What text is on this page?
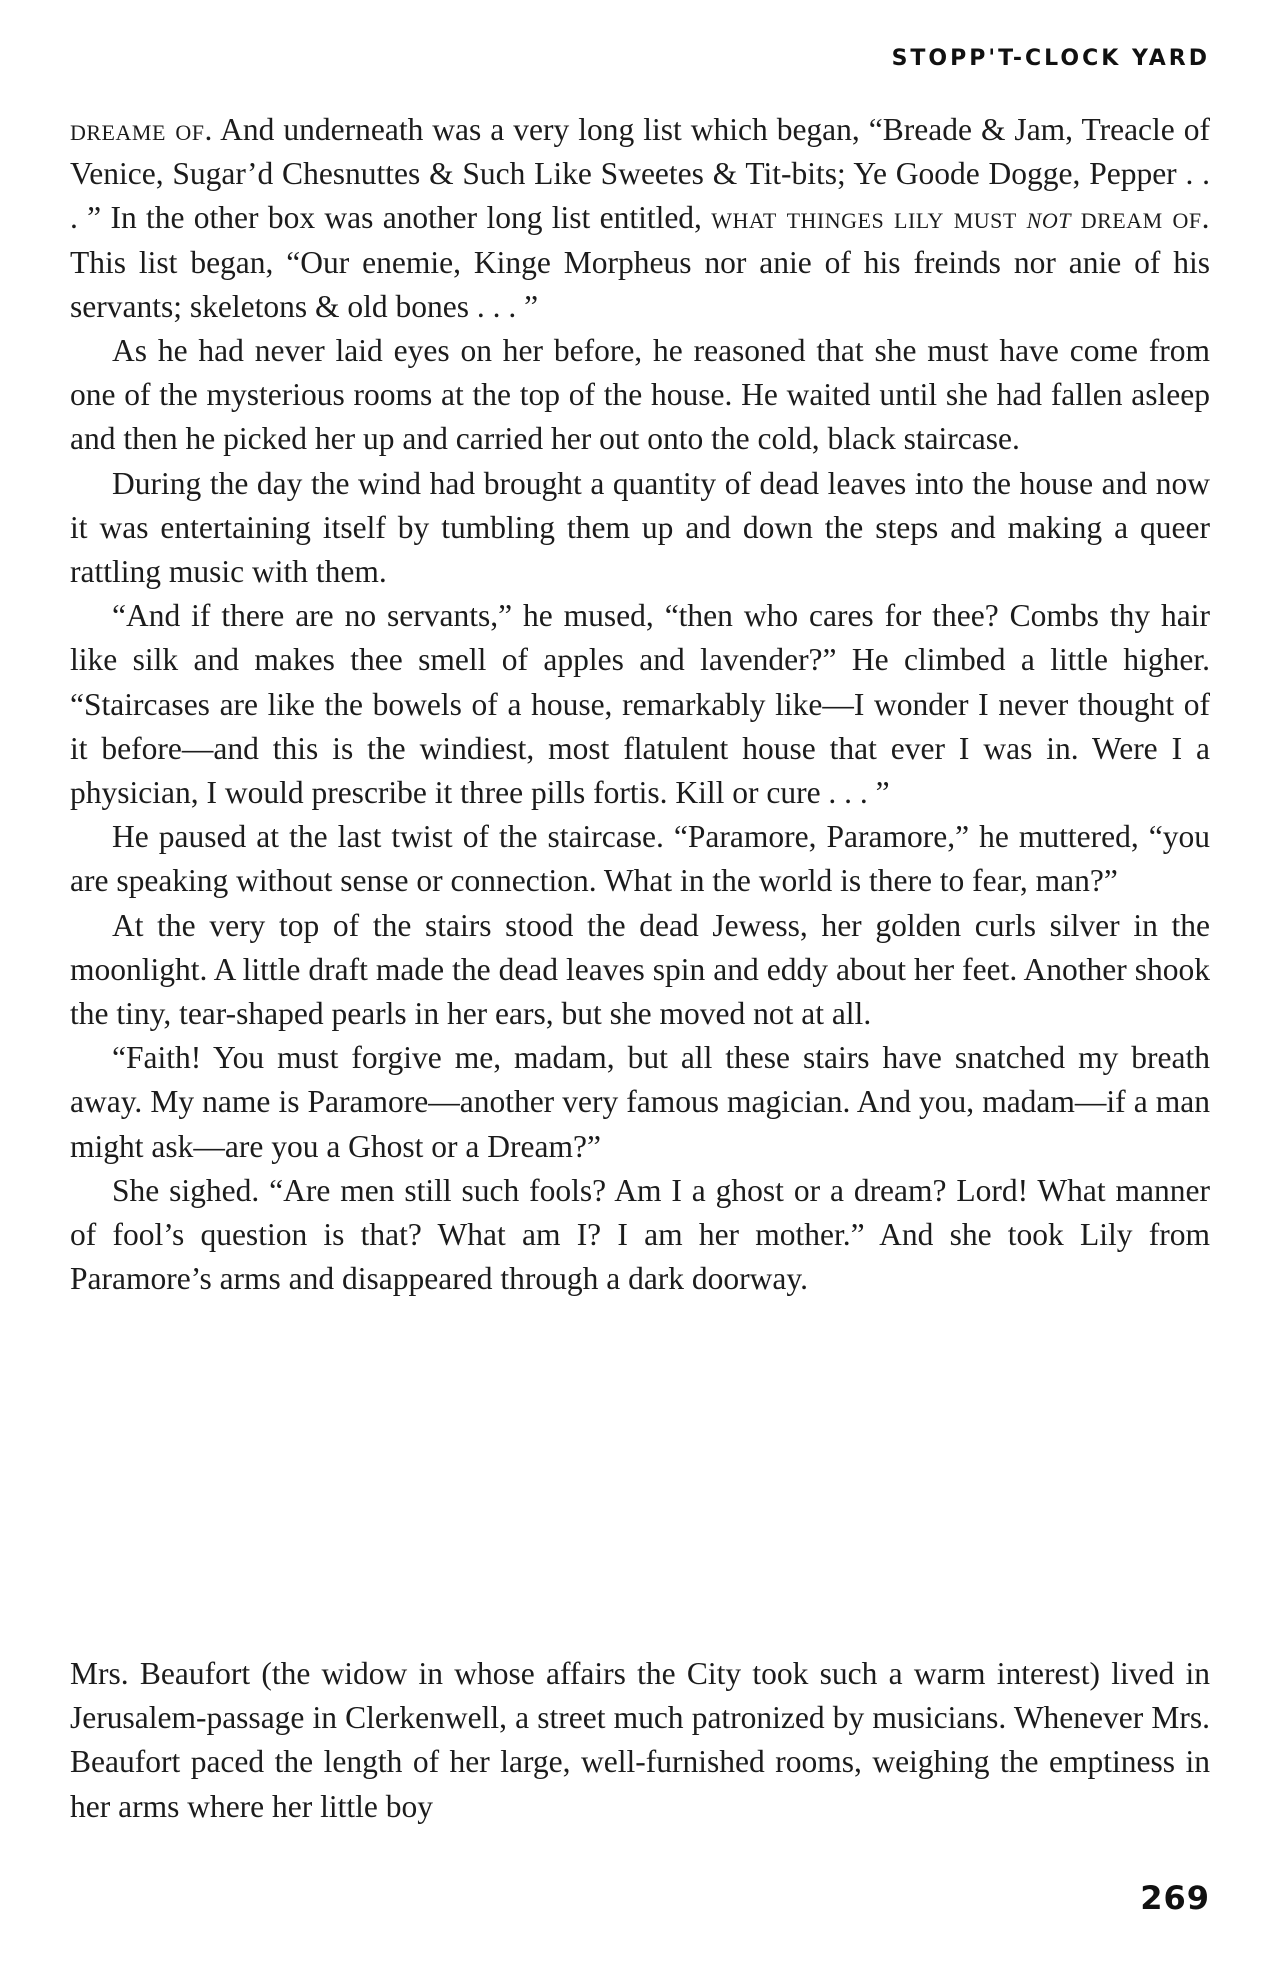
STOPP'T-CLOCK YARD

dreame of. And underneath was a very long list which began, “Breade & Jam, Treacle of Venice, Sugar’d Chesnuttes & Such Like Sweetes & Tit-bits; Ye Goode Dogge, Pepper . . . ” In the other box was another long list entitled, what thinges lily must not dream of. This list began, “Our enemie, Kinge Morpheus nor anie of his freinds nor anie of his servants; skeletons & old bones . . . ”

As he had never laid eyes on her before, he reasoned that she must have come from one of the mysterious rooms at the top of the house. He waited until she had fallen asleep and then he picked her up and carried her out onto the cold, black staircase.

During the day the wind had brought a quantity of dead leaves into the house and now it was entertaining itself by tumbling them up and down the steps and making a queer rattling music with them.

“And if there are no servants,” he mused, “then who cares for thee? Combs thy hair like silk and makes thee smell of apples and lavender?” He climbed a little higher. “Staircases are like the bowels of a house, remarkably like—I wonder I never thought of it before—and this is the windiest, most flatulent house that ever I was in. Were I a physician, I would prescribe it three pills fortis. Kill or cure . . . ”

He paused at the last twist of the staircase. “Paramore, Paramore,” he muttered, “you are speaking without sense or connection. What in the world is there to fear, man?”

At the very top of the stairs stood the dead Jewess, her golden curls silver in the moonlight. A little draft made the dead leaves spin and eddy about her feet. Another shook the tiny, tear-shaped pearls in her ears, but she moved not at all.

“Faith! You must forgive me, madam, but all these stairs have snatched my breath away. My name is Paramore—another very famous magician. And you, madam—if a man might ask—are you a Ghost or a Dream?”

She sighed. “Are men still such fools? Am I a ghost or a dream? Lord! What manner of fool’s question is that? What am I? I am her mother.” And she took Lily from Paramore’s arms and disappeared through a dark doorway.

Mrs. Beaufort (the widow in whose affairs the City took such a warm interest) lived in Jerusalem-passage in Clerkenwell, a street much patronized by musicians. Whenever Mrs. Beaufort paced the length of her large, well-furnished rooms, weighing the emptiness in her arms where her little boy

269
